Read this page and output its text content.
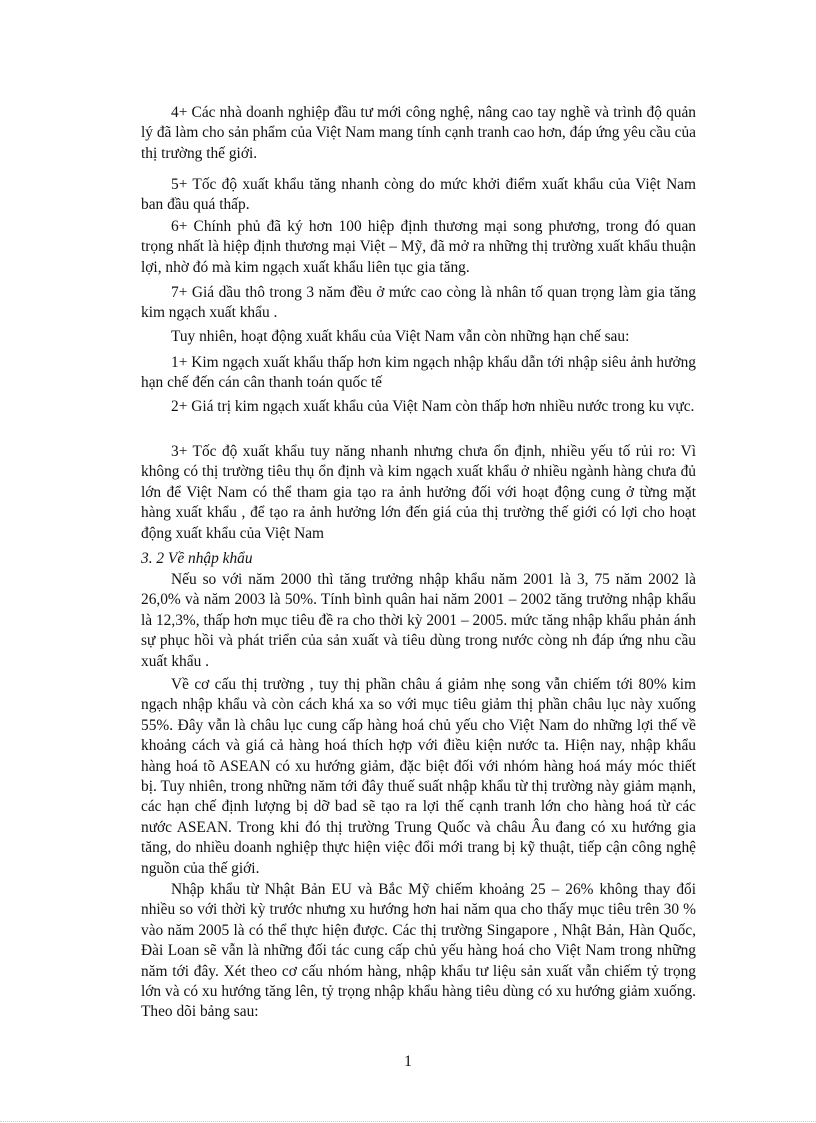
4+ Các nhà doanh nghiệp đầu tư mới công nghệ, nâng cao tay nghề và trình độ quản lý đã làm cho sản phẩm của Việt Nam mang tính cạnh tranh cao hơn, đáp ứng yêu cầu của thị trường thế giới.

5+ Tốc độ xuất khẩu tăng nhanh còng do mức khởi điểm xuất khẩu của Việt Nam ban đầu quá thấp.

6+ Chính phủ đã ký hơn 100 hiệp định thương mại song phương, trong đó quan trọng nhất là hiệp định thương mại Việt – Mỹ, đã mở ra những thị trường xuất khẩu thuận lợi, nhờ đó mà kim ngạch xuất khẩu liên tục gia tăng.

7+ Giá dầu thô trong 3 năm đều ở mức cao còng là nhân tố quan trọng làm gia tăng kim ngạch xuất khẩu .

Tuy nhiên, hoạt động xuất khẩu của Việt Nam vẫn còn những hạn chế sau:

1+ Kim ngạch xuất khẩu thấp hơn kim ngạch nhập khẩu dẫn tới nhập siêu ảnh hưởng hạn chế đến cán cân thanh toán quốc tế

2+ Giá trị kim ngạch xuất khẩu của Việt Nam còn thấp hơn nhiều nước trong ku vực.

3+ Tốc độ xuất khẩu tuy năng nhanh nhưng chưa ổn định, nhiều yếu tố rủi ro: Vì không có thị trường tiêu thụ ổn định và kim ngạch xuất khẩu ở nhiều ngành hàng chưa đủ lớn để Việt Nam có thể tham gia tạo ra ảnh hưởng đối với hoạt động cung ở từng mặt hàng xuất khẩu , để tạo ra ảnh hưởng lớn đến giá của thị trường thế giới có lợi cho hoạt động xuất khẩu của Việt Nam

3. 2 Về nhập khẩu

Nếu so với năm 2000 thì tăng trưởng nhập khẩu năm 2001 là 3, 75 năm 2002 là 26,0% và năm 2003 là 50%. Tính bình quân hai năm 2001 – 2002 tăng trưởng nhập khẩu là 12,3%, thấp hơn mục tiêu đề ra cho thời kỳ 2001 – 2005. mức tăng nhập khẩu phản ánh sự phục hồi và phát triển của sản xuất và tiêu dùng trong nước còng nh đáp ứng nhu cầu xuất khẩu .

Về cơ cấu thị trường , tuy thị phần châu á giảm nhẹ song vẫn chiếm tới 80% kim ngạch nhập khẩu và còn cách khá xa so với mục tiêu giảm thị phần châu lục này xuống 55%. Đây vẫn là châu lục cung cấp hàng hoá chủ yếu cho Việt Nam do những lợi thế về khoảng cách và giá cả hàng hoá thích hợp với điều kiện nước ta. Hiện nay, nhập khẩu hàng hoá tõ ASEAN có xu hướng giảm, đặc biệt đối với nhóm hàng hoá máy móc thiết bị. Tuy nhiên, trong những năm tới đây thuế suất nhập khẩu từ thị trường này giảm mạnh, các hạn chế định lượng bị dỡ bad sẽ tạo ra lợi thế cạnh tranh lớn cho hàng hoá từ các nước ASEAN. Trong khi đó thị trường Trung Quốc và châu Âu đang có xu hướng gia tăng, do nhiều doanh nghiệp thực hiện việc đổi mới trang bị kỹ thuật, tiếp cận công nghệ nguồn của thế giới.

Nhập khẩu từ Nhật Bản EU và Bắc Mỹ chiếm khoảng 25 – 26% không thay đổi nhiều so với thời kỳ trước nhưng xu hướng hơn hai năm qua cho thấy mục tiêu trên 30 % vào năm 2005 là có thể thực hiện được. Các thị trường Singapore , Nhật Bản, Hàn Quốc, Đài Loan sẽ vẫn là những đối tác cung cấp chủ yếu hàng hoá cho Việt Nam trong những năm tới đây. Xét theo cơ cấu nhóm hàng, nhập khẩu tư liệu sản xuất vẫn chiếm tỷ trọng lớn và có xu hướng tăng lên, tỷ trọng nhập khẩu hàng tiêu dùng có xu hướng giảm xuống. Theo dõi bảng sau:

1
